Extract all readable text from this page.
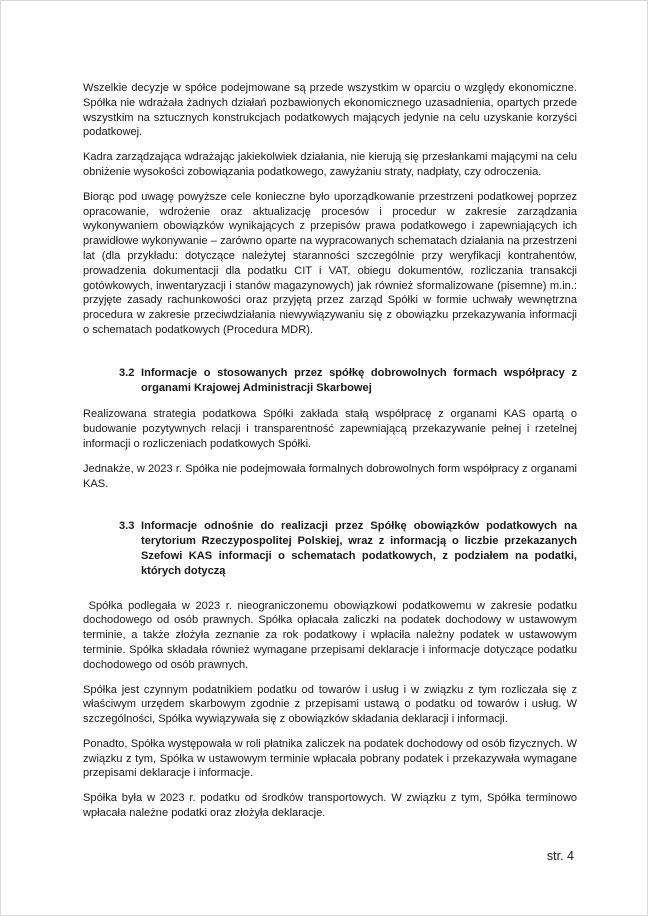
Wszelkie decyzje w spółce podejmowane są przede wszystkim w oparciu o względy ekonomiczne. Spółka nie wdrażała żadnych działań pozbawionych ekonomicznego uzasadnienia, opartych przede wszystkim na sztucznych konstrukcjach podatkowych mających jedynie na celu uzyskanie korzyści podatkowej.

Kadra zarządzająca wdrażając jakiekolwiek działania, nie kierują się przesłankami mającymi na celu obniżenie wysokości zobowiązania podatkowego, zawyżaniu straty, nadpłaty, czy odroczenia.

Biorąc pod uwagę powyższe cele konieczne było uporządkowanie przestrzeni podatkowej poprzez opracowanie, wdrożenie oraz aktualizację procesów i procedur w zakresie zarządzania wykonywaniem obowiązków wynikających z przepisów prawa podatkowego i zapewniających ich prawidłowe wykonywanie – zarówno oparte na wypracowanych schematach działania na przestrzeni lat (dla przykładu: dotyczące należytej staranności szczególnie przy weryfikacji kontrahentów, prowadzenia dokumentacji dla podatku CIT i VAT, obiegu dokumentów, rozliczania transakcji gotówkowych, inwentaryzacji i stanów magazynowych) jak również sformalizowane (pisemne) m.in.: przyjęte zasady rachunkowości oraz przyjętą przez zarząd Spółki w formie uchwały wewnętrzna procedura w zakresie przeciwdziałania niewywiązywaniu się z obowiązku przekazywania informacji o schematach podatkowych (Procedura MDR).

3.2 Informacje o stosowanych przez spółkę dobrowolnych formach współpracy z organami Krajowej Administracji Skarbowej

Realizowana strategia podatkowa Spółki zakłada stałą współpracę z organami KAS opartą o budowanie pozytywnych relacji i transparentność zapewniającą przekazywanie pełnej i rzetelnej informacji o rozliczeniach podatkowych Spółki.

Jednakże, w 2023 r. Spółka nie podejmowała formalnych dobrowolnych form współpracy z organami KAS.

3.3 Informacje odnośnie do realizacji przez Spółkę obowiązków podatkowych na terytorium Rzeczypospolitej Polskiej, wraz z informacją o liczbie przekazanych Szefowi KAS informacji o schematach podatkowych, z podziałem na podatki, których dotyczą

Spółka podlegała w 2023 r. nieograniczonemu obowiązkowi podatkowemu w zakresie podatku dochodowego od osób prawnych. Spółka opłacała zaliczki na podatek dochodowy w ustawowym terminie, a także złożyła zeznanie za rok podatkowy i wpłaciła należny podatek w ustawowym terminie. Spółka składała również wymagane przepisami deklaracje i informacje dotyczące podatku dochodowego od osób prawnych.

Spółka jest czynnym podatnikiem podatku od towarów i usług i w związku z tym rozliczała się z właściwym urzędem skarbowym zgodnie z przepisami ustawą o podatku od towarów i usług. W szczególności, Spółka wywiązywała się z obowiązków składania deklaracji i informacji.

Ponadto, Spółka występowała w roli płatnika zaliczek na podatek dochodowy od osób fizycznych. W związku z tym, Spółka w ustawowym terminie wpłacała pobrany podatek i przekazywała wymagane przepisami deklaracje i informacje.

Spółka była w 2023 r. podatku od środków transportowych. W związku z tym, Spółka terminowo wpłacała należne podatki oraz złożyła deklaracje.

str. 4
